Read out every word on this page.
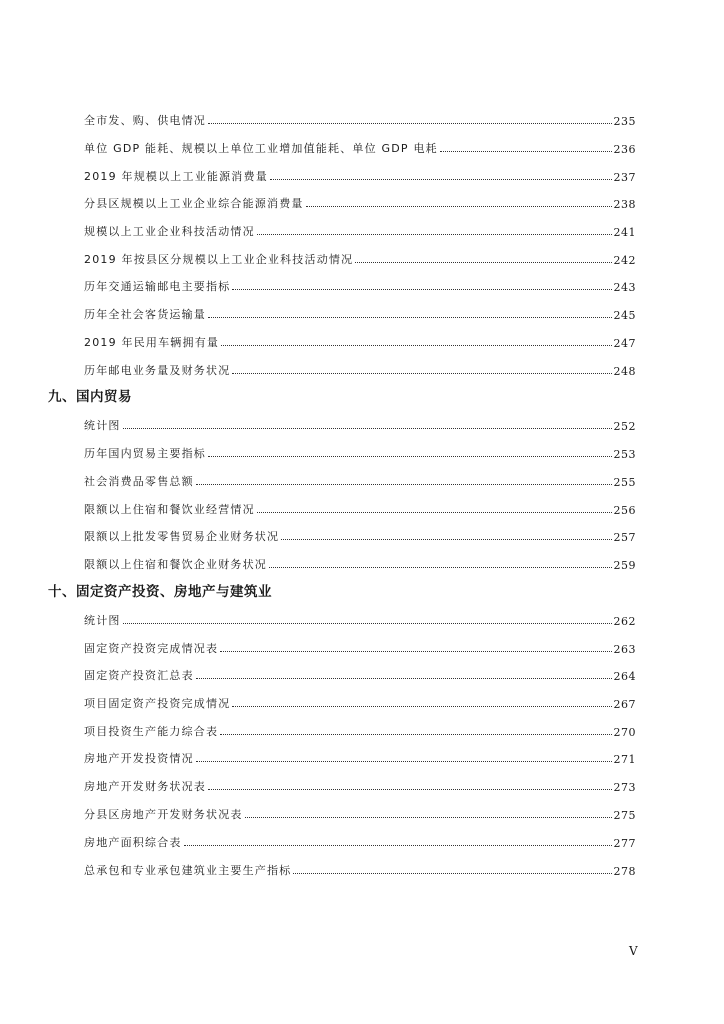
全市发、购、供电情况	235
单位 GDP 能耗、规模以上单位工业增加值能耗、单位 GDP 电耗	236
2019 年规模以上工业能源消费量	237
分县区规模以上工业企业综合能源消费量	238
规模以上工业企业科技活动情况	241
2019 年按县区分规模以上工业企业科技活动情况	242
历年交通运输邮电主要指标	243
历年全社会客货运输量	245
2019 年民用车辆拥有量	247
历年邮电业务量及财务状况	248
九、国内贸易
统计图	252
历年国内贸易主要指标	253
社会消费品零售总额	255
限额以上住宿和餐饮业经营情况	256
限额以上批发零售贸易企业财务状况	257
限额以上住宿和餐饮企业财务状况	259
十、固定资产投资、房地产与建筑业
统计图	262
固定资产投资完成情况表	263
固定资产投资汇总表	264
项目固定资产投资完成情况	267
项目投资生产能力综合表	270
房地产开发投资情况	271
房地产开发财务状况表	273
分县区房地产开发财务状况表	275
房地产面积综合表	277
总承包和专业承包建筑业主要生产指标	278
V
